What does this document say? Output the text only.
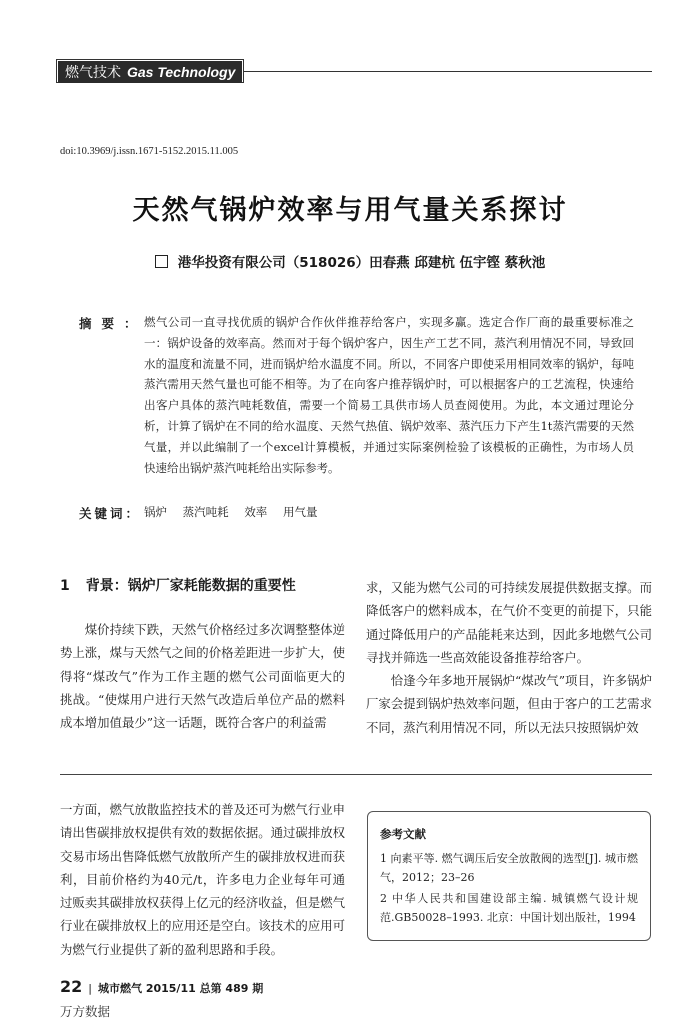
燃气技术 Gas Technology
doi:10.3969/j.issn.1671-5152.2015.11.005
天然气锅炉效率与用气量关系探讨
港华投资有限公司（518026）田春燕 邱建杭 伍宇铿 蔡秋池
摘要：
燃气公司一直寻找优质的锅炉合作伙伴推荐给客户，实现多赢。选定合作厂商的最重要标准之一：锅炉设备的效率高。然而对于每个锅炉客户，因生产工艺不同，蒸汽利用情况不同，导致回水的温度和流量不同，进而锅炉给水温度不同。所以，不同客户即使采用相同效率的锅炉，每吨蒸汽需用天然气量也可能不相等。为了在向客户推荐锅炉时，可以根据客户的工艺流程，快速给出客户具体的蒸汽吨耗数值，需要一个简易工具供市场人员查阅使用。为此，本文通过理论分析，计算了锅炉在不同的给水温度、天然气热值、锅炉效率、蒸汽压力下产生1t蒸汽需要的天然气量，并以此编制了一个excel计算模板，并通过实际案例检验了该模板的正确性，为市场人员快速给出锅炉蒸汽吨耗给出实际参考。
关键词： 锅炉 蒸汽吨耗 效率 用气量
1 背景：锅炉厂家耗能数据的重要性

煤价持续下跌，天然气价格经过多次调整整体逆势上涨，煤与天然气之间的价格差距进一步扩大，使得将“煤改气”作为工作主题的燃气公司面临更大的挑战。“使煤用户进行天然气改造后单位产品的燃料成本增加值最少”这一话题，既符合客户的利益需

求，又能为燃气公司的可持续发展提供数据支撑。而降低客户的燃料成本，在气价不变更的前提下，只能通过降低用户的产品能耗来达到，因此多地燃气公司寻找并筛选一些高效能设备推荐给客户。

恰逢今年多地开展锅炉“煤改气”项目，许多锅炉厂家会提到锅炉热效率问题，但由于客户的工艺需求不同，蒸汽利用情况不同，所以无法只按照锅炉效

一方面，燃气放散监控技术的普及还可为燃气行业申请出售碳排放权提供有效的数据依据。通过碳排放权交易市场出售降低燃气放散所产生的碳排放权进而获利，目前价格约为40元/t，许多电力企业每年可通过贩卖其碳排放权获得上亿元的经济收益，但是燃气行业在碳排放权上的应用还是空白。该技术的应用可为燃气行业提供了新的盈利思路和手段。

参考文献
1 向素平等. 燃气调压后安全放散阀的选型[J]. 城市燃气，2012；23–26
2 中华人民共和国建设部主编. 城镇燃气设计规范.GB50028–1993. 北京：中国计划出版社，1994
22 | 城市燃气 2015/11 总第 489 期
万方数据
